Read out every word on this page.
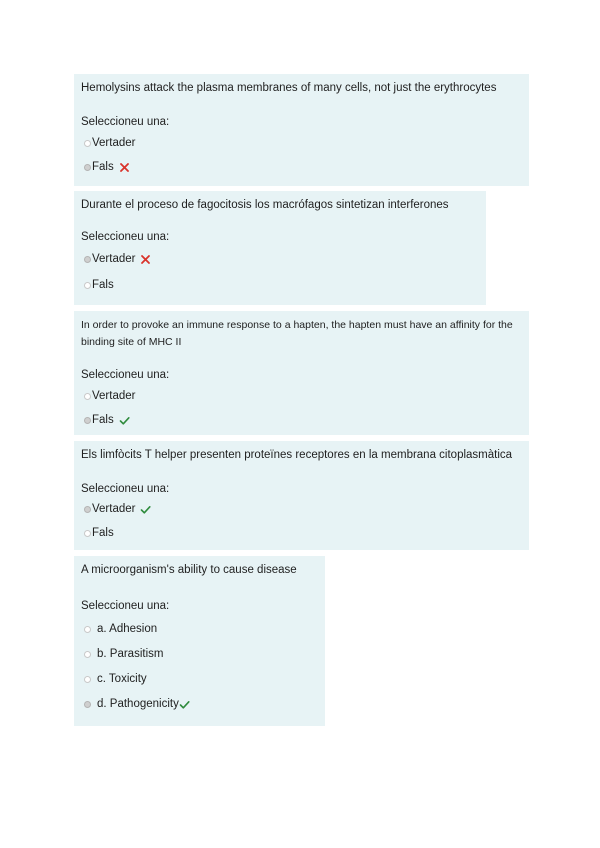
Hemolysins attack the plasma membranes of many cells, not just the erythrocytes
Seleccioneu una:
Vertader
Fals
Durante el proceso de fagocitosis los macrófagos sintetizan interferones
Seleccioneu una:
Vertader
Fals
In order to provoke an immune response to a hapten, the hapten must have an affinity for the binding site of MHC II
Seleccioneu una:
Vertader
Fals
Els limfòcits T helper presenten proteïnes receptores en la membrana citoplasmàtica
Seleccioneu una:
Vertader
Fals
A microorganism's ability to cause disease
Seleccioneu una:
a. Adhesion
b. Parasitism
c. Toxicity
d. Pathogenicity
